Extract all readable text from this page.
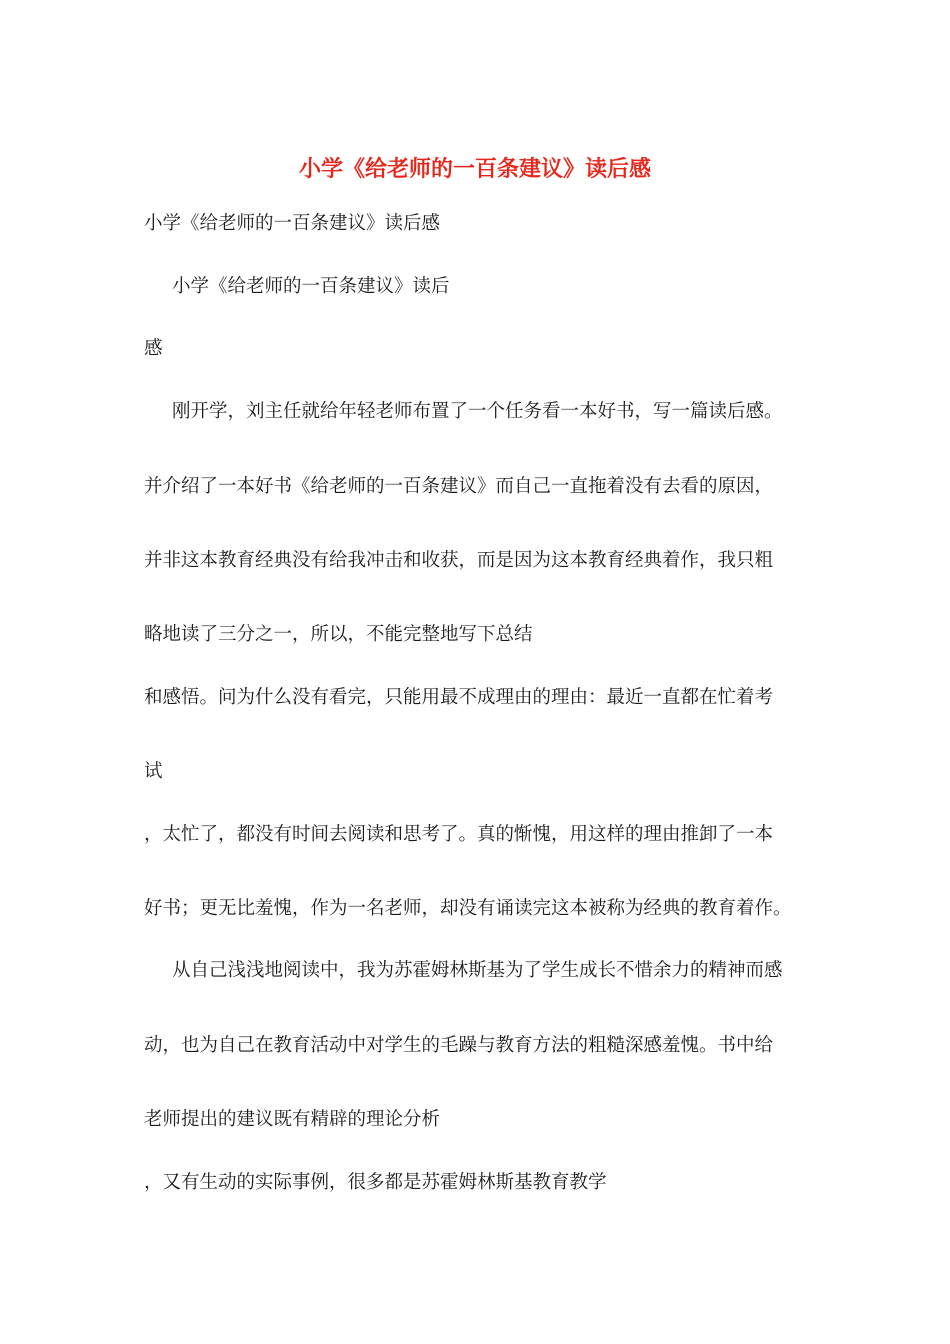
小学《给老师的一百条建议》读后感
小学《给老师的一百条建议》读后感
小学《给老师的一百条建议》读后
感
刚开学，刘主任就给年轻老师布置了一个任务看一本好书，写一篇读后感。
并介绍了一本好书《给老师的一百条建议》而自己一直拖着没有去看的原因，
并非这本教育经典没有给我冲击和收获，而是因为这本教育经典着作，我只粗
略地读了三分之一，所以，不能完整地写下总结
和感悟。问为什么没有看完，只能用最不成理由的理由：最近一直都在忙着考
试
，太忙了，都没有时间去阅读和思考了。真的惭愧，用这样的理由推卸了一本
好书；更无比羞愧，作为一名老师，却没有诵读完这本被称为经典的教育着作。
从自己浅浅地阅读中，我为苏霍姆林斯基为了学生成长不惜余力的精神而感
动，也为自己在教育活动中对学生的毛躁与教育方法的粗糙深感羞愧。书中给
老师提出的建议既有精辟的理论分析
，又有生动的实际事例，很多都是苏霍姆林斯基教育教学
